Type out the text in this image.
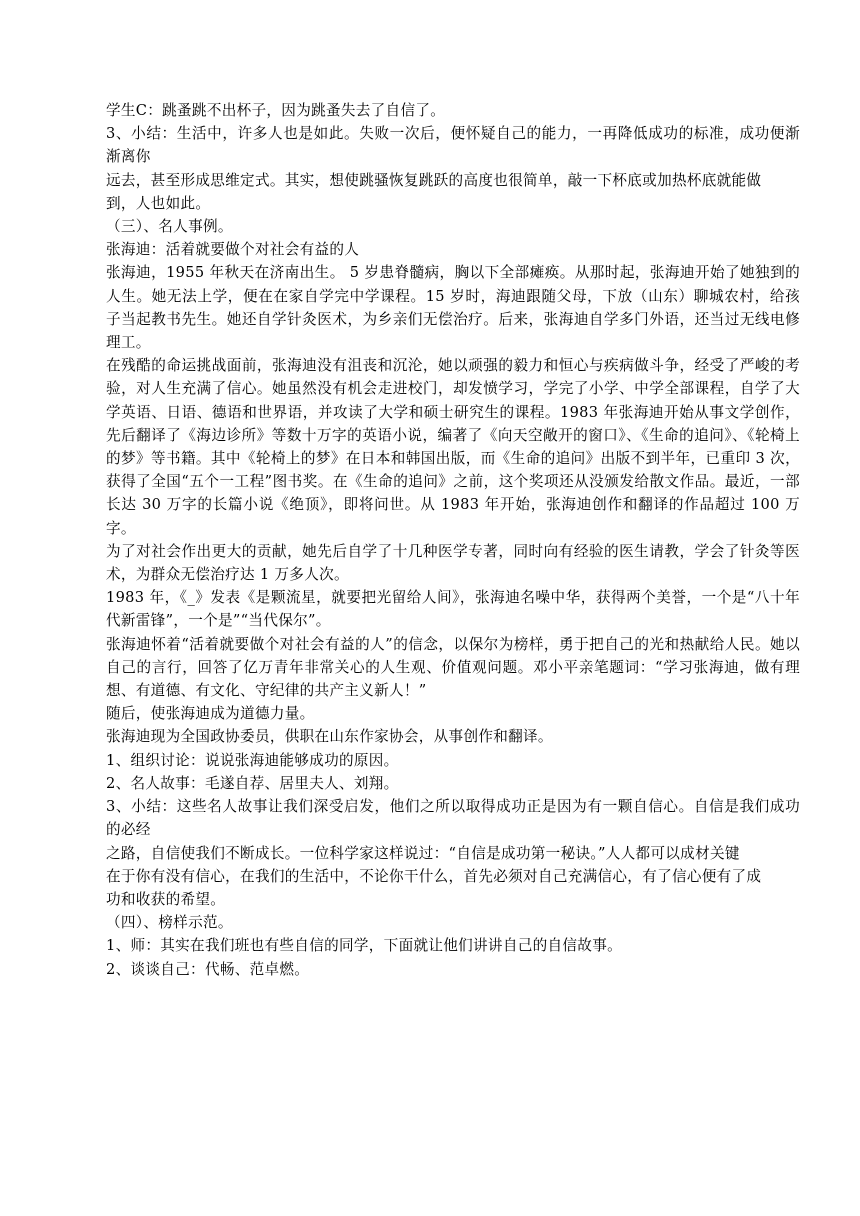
学生C：跳蚤跳不出杯子，因为跳蚤失去了自信了。

3、小结：生活中，许多人也是如此。失败一次后，便怀疑自己的能力，一再降低成功的标准，成功便渐渐离你

远去，甚至形成思维定式。其实，想使跳骚恢复跳跃的高度也很简单，敲一下杯底或加热杯底就能做

到，人也如此。

（三）、名人事例。

张海迪：活着就要做个对社会有益的人

张海迪，1955 年秋天在济南出生。 5 岁患脊髓病，胸以下全部瘫痪。从那时起，张海迪开始了她独到的人生。她无法上学，便在在家自学完中学课程。15 岁时，海迪跟随父母，下放（山东）聊城农村，给孩子当起教书先生。她还自学针灸医术，为乡亲们无偿治疗。后来，张海迪自学多门外语，还当过无线电修理工。

在残酷的命运挑战面前，张海迪没有沮丧和沉沦，她以顽强的毅力和恒心与疾病做斗争，经受了严峻的考验，对人生充满了信心。她虽然没有机会走进校门，却发愤学习，学完了小学、中学全部课程，自学了大学英语、日语、德语和世界语，并攻读了大学和硕士研究生的课程。1983 年张海迪开始从事文学创作，先后翻译了《海边诊所》等数十万字的英语小说，编著了《向天空敞开的窗口》、《生命的追问》、《轮椅上的梦》等书籍。其中《轮椅上的梦》在日本和韩国出版，而《生命的追问》出版不到半年，已重印 3 次，获得了全国“五个一工程”图书奖。在《生命的追问》之前，这个奖项还从没颁发给散文作品。最近，一部长达 30 万字的长篇小说《绝顶》，即将问世。从 1983 年开始，张海迪创作和翻译的作品超过 100 万字。

为了对社会作出更大的贡献，她先后自学了十几种医学专著，同时向有经验的医生请教，学会了针灸等医术，为群众无偿治疗达 1 万多人次。

1983 年，《_》发表《是颗流星，就要把光留给人间》，张海迪名噪中华，获得两个美誉，一个是“八十年代新雷锋”，一个是”“当代保尔”。

张海迪怀着“活着就要做个对社会有益的人”的信念，以保尔为榜样，勇于把自己的光和热献给人民。她以自己的言行，回答了亿万青年非常关心的人生观、价值观问题。邓小平亲笔题词：“学习张海迪，做有理想、有道德、有文化、守纪律的共产主义新人！”

随后，使张海迪成为道德力量。

张海迪现为全国政协委员，供职在山东作家协会，从事创作和翻译。

1、组织讨论：说说张海迪能够成功的原因。

2、名人故事：毛遂自荐、居里夫人、刘翔。

3、小结：这些名人故事让我们深受启发，他们之所以取得成功正是因为有一颗自信心。自信是我们成功的必经

之路，自信使我们不断成长。一位科学家这样说过：“自信是成功第一秘诀。”人人都可以成材关键

在于你有没有信心，在我们的生活中，不论你干什么，首先必须对自己充满信心，有了信心便有了成

功和收获的希望。

（四）、榜样示范。

1、师：其实在我们班也有些自信的同学，下面就让他们讲讲自己的自信故事。

2、谈谈自己：代畅、范卓燃。
